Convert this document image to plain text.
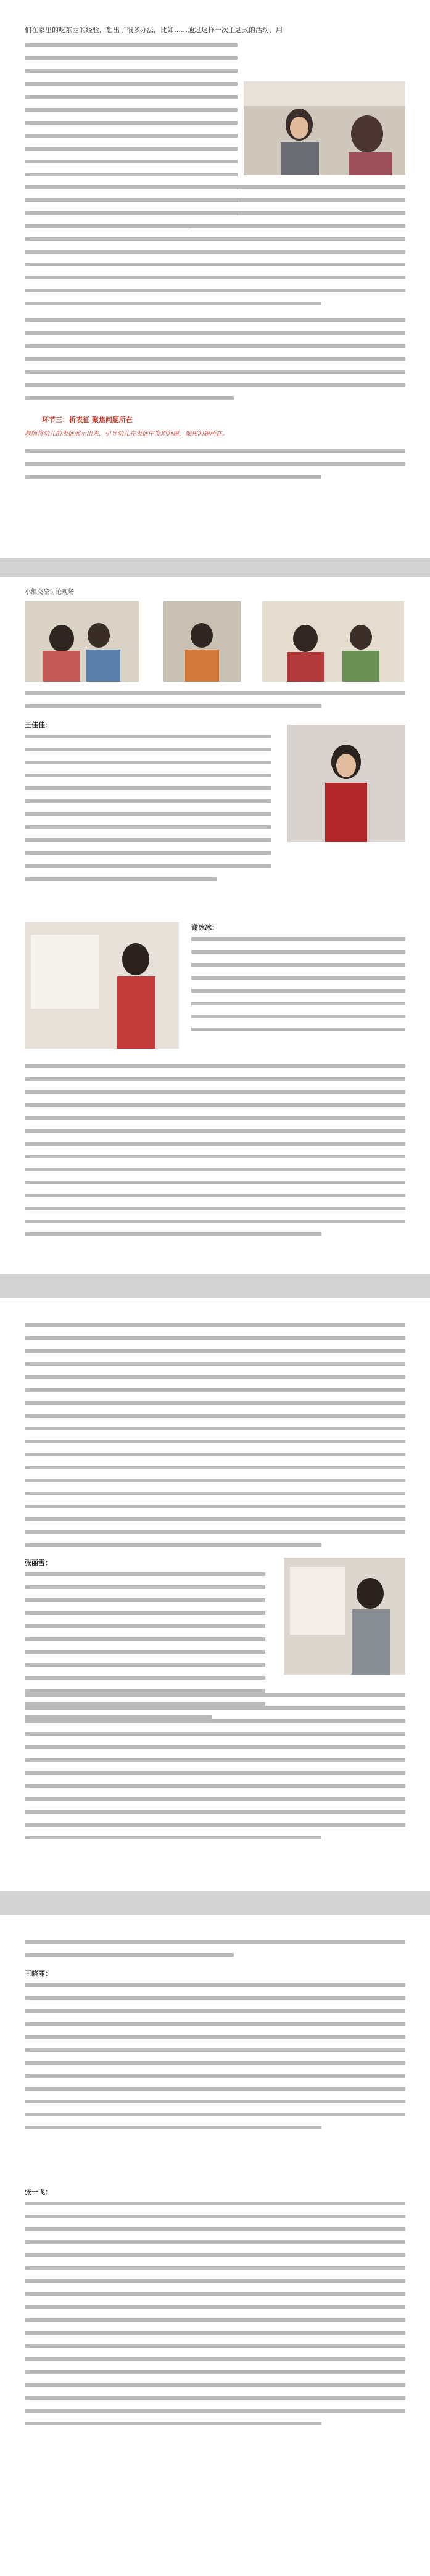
们在家里的吃东西的经验，想出了很多办法，比如……通过这样一次主题式的活动，用

环节三：析表征 聚焦问题所在
教师将幼儿的表征展示出来，引导幼儿在表征中发现问题，聚焦问题所在。
小组交流讨论现场
王佳佳：
谢冰冰：
张丽雪：
王晓丽：
张一飞：
